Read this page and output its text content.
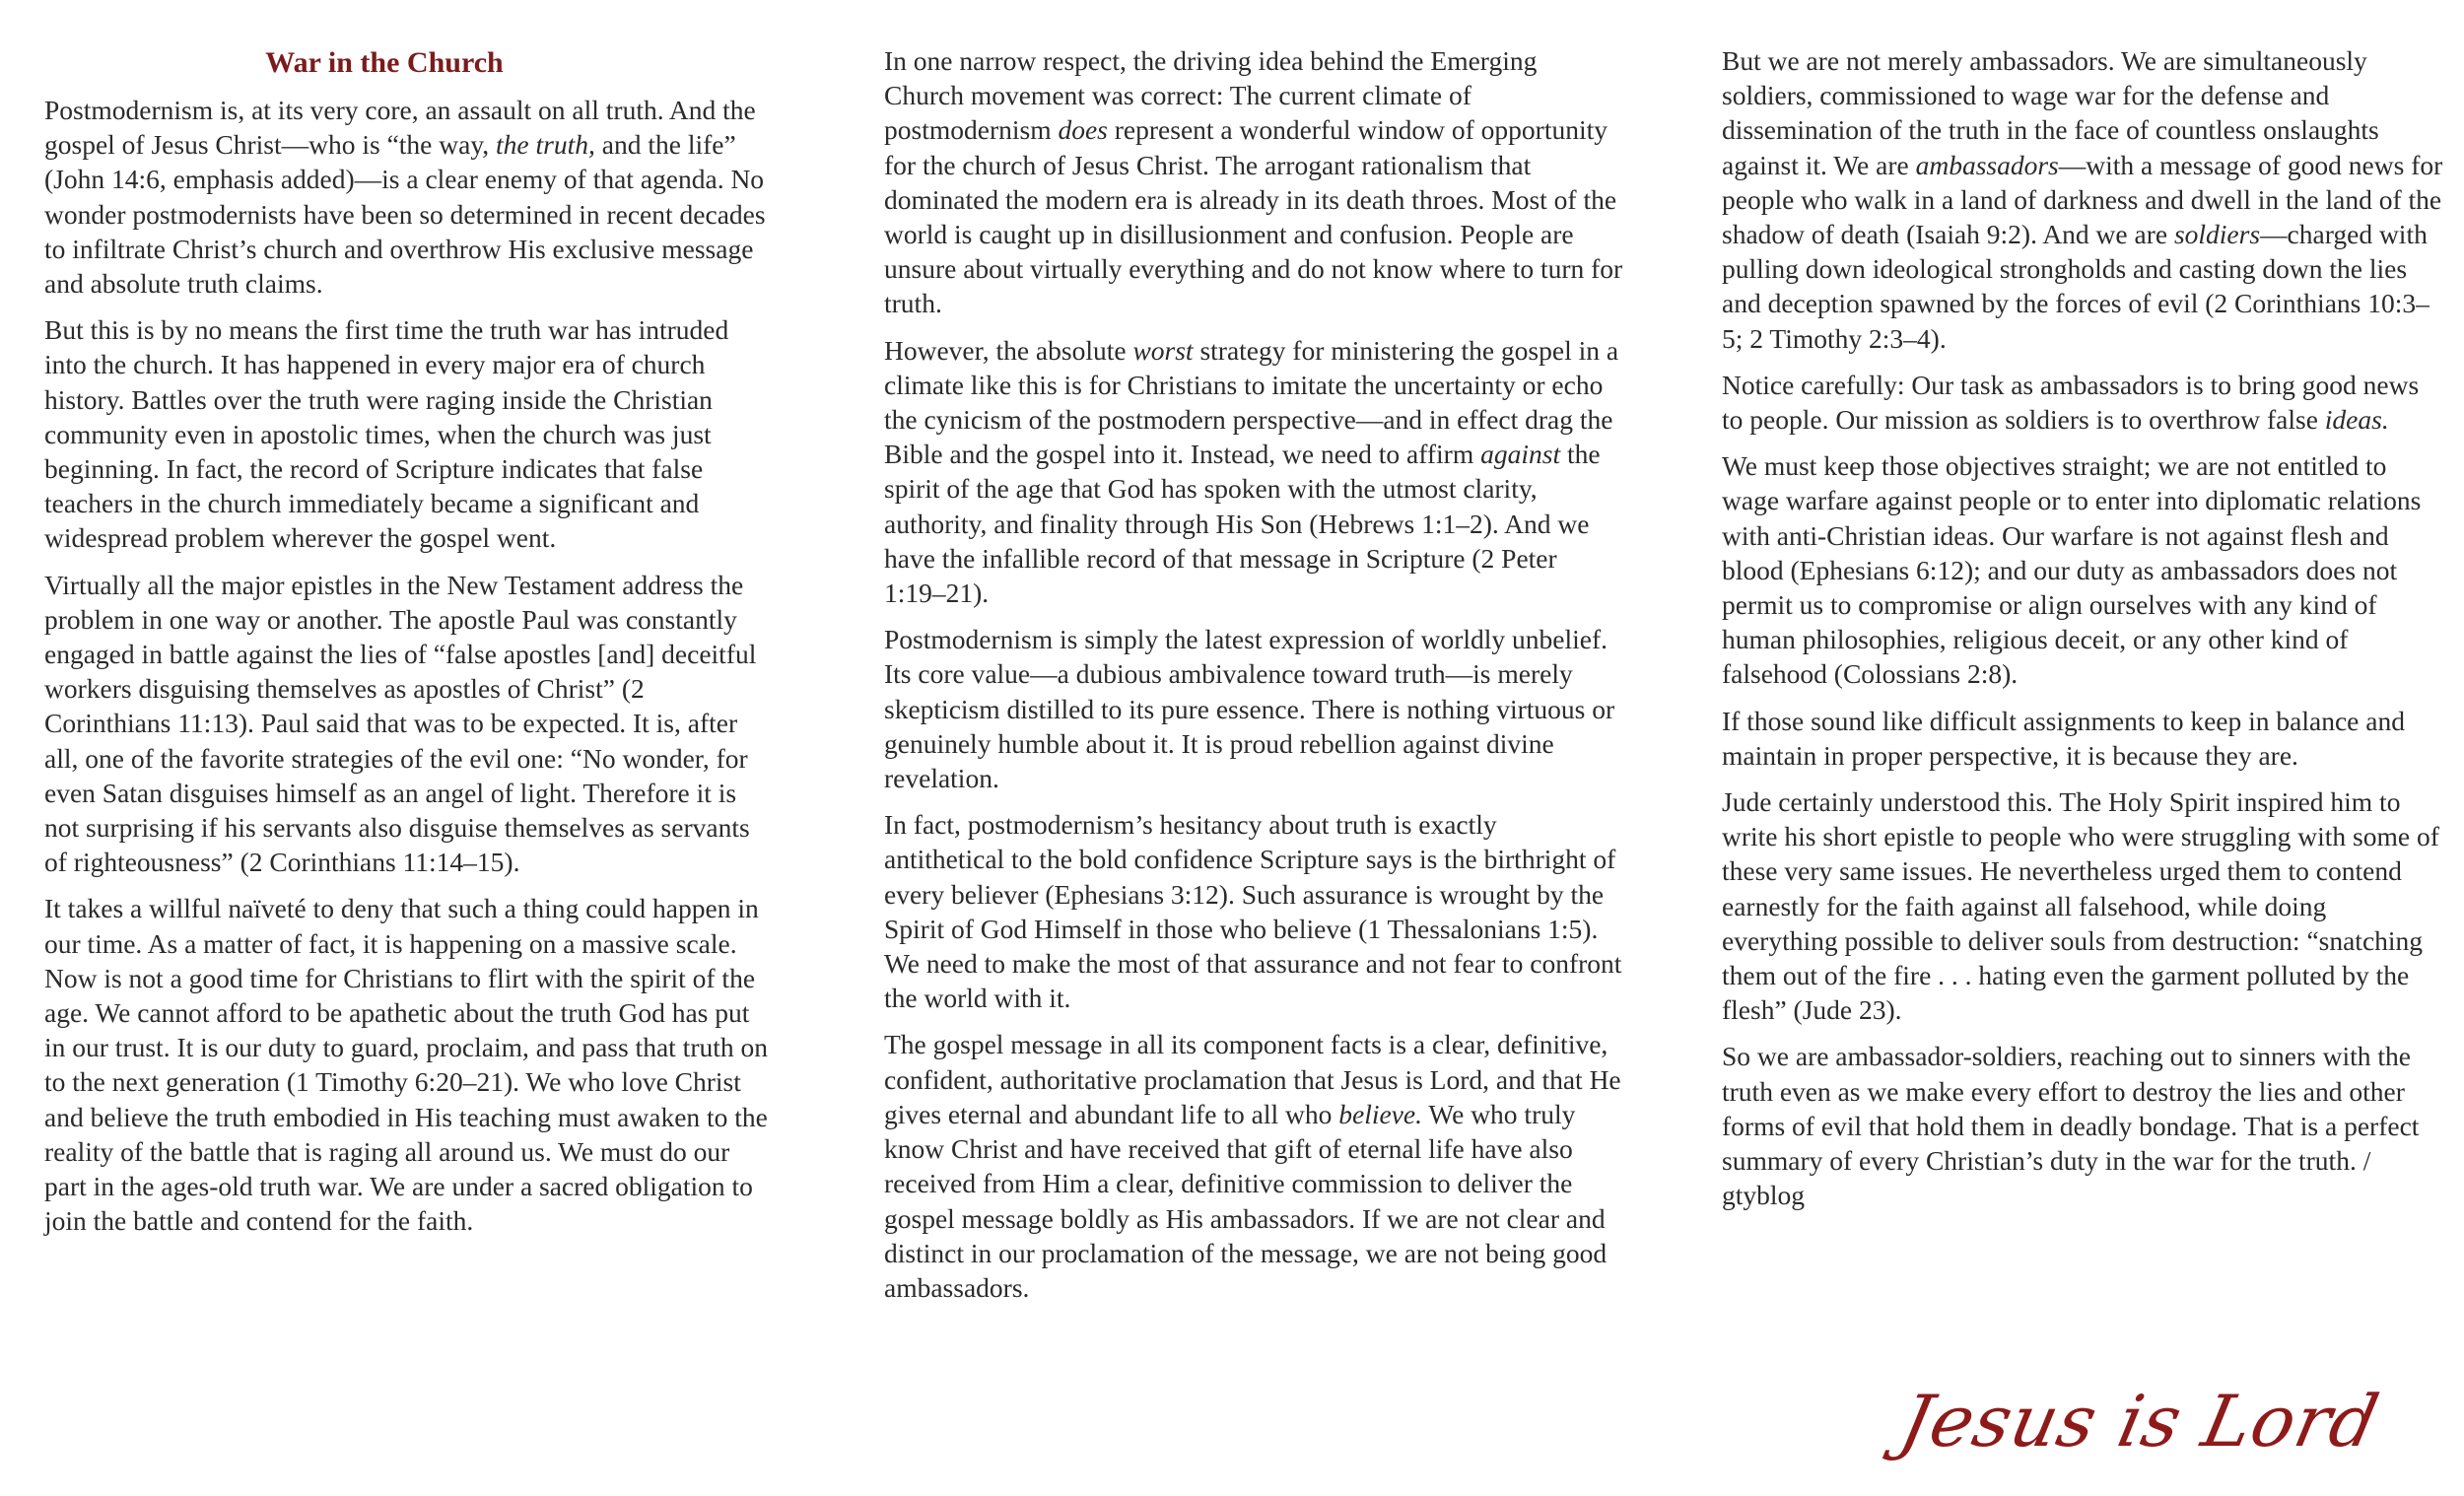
War in the Church

Postmodernism is, at its very core, an assault on all truth. And the gospel of Jesus Christ—who is “the way, the truth, and the life” (John 14:6, emphasis added)—is a clear enemy of that agenda. No wonder postmodernists have been so determined in recent decades to infiltrate Christ’s church and overthrow His exclusive message and absolute truth claims.

But this is by no means the first time the truth war has intruded into the church. It has happened in every major era of church history. Battles over the truth were raging inside the Christian community even in apostolic times, when the church was just beginning. In fact, the record of Scripture indicates that false teachers in the church immediately became a significant and widespread problem wherever the gospel went.

Virtually all the major epistles in the New Testament address the problem in one way or another. The apostle Paul was constantly engaged in battle against the lies of “false apostles [and] deceitful workers disguising themselves as apostles of Christ” (2 Corinthians 11:13). Paul said that was to be expected. It is, after all, one of the favorite strategies of the evil one: “No wonder, for even Satan disguises himself as an angel of light. Therefore it is not surprising if his servants also disguise themselves as servants of righteousness” (2 Corinthians 11:14–15).

It takes a willful naïveté to deny that such a thing could happen in our time. As a matter of fact, it is happening on a massive scale. Now is not a good time for Christians to flirt with the spirit of the age. We cannot afford to be apathetic about the truth God has put in our trust. It is our duty to guard, proclaim, and pass that truth on to the next generation (1 Timothy 6:20–21). We who love Christ and believe the truth embodied in His teaching must awaken to the reality of the battle that is raging all around us. We must do our part in the ages-old truth war. We are under a sacred obligation to join the battle and contend for the faith.

In one narrow respect, the driving idea behind the Emerging Church movement was correct: The current climate of postmodernism does represent a wonderful window of opportunity for the church of Jesus Christ. The arrogant rationalism that dominated the modern era is already in its death throes. Most of the world is caught up in disillusionment and confusion. People are unsure about virtually everything and do not know where to turn for truth.

However, the absolute worst strategy for ministering the gospel in a climate like this is for Christians to imitate the uncertainty or echo the cynicism of the postmodern perspective—and in effect drag the Bible and the gospel into it. Instead, we need to affirm against the spirit of the age that God has spoken with the utmost clarity, authority, and finality through His Son (Hebrews 1:1–2). And we have the infallible record of that message in Scripture (2 Peter 1:19–21).

Postmodernism is simply the latest expression of worldly unbelief. Its core value—a dubious ambivalence toward truth—is merely skepticism distilled to its pure essence. There is nothing virtuous or genuinely humble about it. It is proud rebellion against divine revelation.

In fact, postmodernism’s hesitancy about truth is exactly antithetical to the bold confidence Scripture says is the birthright of every believer (Ephesians 3:12). Such assurance is wrought by the Spirit of God Himself in those who believe (1 Thessalonians 1:5). We need to make the most of that assurance and not fear to confront the world with it.

The gospel message in all its component facts is a clear, definitive, confident, authoritative proclamation that Jesus is Lord, and that He gives eternal and abundant life to all who believe. We who truly know Christ and have received that gift of eternal life have also received from Him a clear, definitive commission to deliver the gospel message boldly as His ambassadors. If we are not clear and distinct in our proclamation of the message, we are not being good ambassadors.

But we are not merely ambassadors. We are simultaneously soldiers, commissioned to wage war for the defense and dissemination of the truth in the face of countless onslaughts against it. We are ambassadors—with a message of good news for people who walk in a land of darkness and dwell in the land of the shadow of death (Isaiah 9:2). And we are soldiers—charged with pulling down ideological strongholds and casting down the lies and deception spawned by the forces of evil (2 Corinthians 10:3–5; 2 Timothy 2:3–4).

Notice carefully: Our task as ambassadors is to bring good news to people. Our mission as soldiers is to overthrow false ideas.

We must keep those objectives straight; we are not entitled to wage warfare against people or to enter into diplomatic relations with anti-Christian ideas. Our warfare is not against flesh and blood (Ephesians 6:12); and our duty as ambassadors does not permit us to compromise or align ourselves with any kind of human philosophies, religious deceit, or any other kind of falsehood (Colossians 2:8).

If those sound like difficult assignments to keep in balance and maintain in proper perspective, it is because they are.

Jude certainly understood this. The Holy Spirit inspired him to write his short epistle to people who were struggling with some of these very same issues. He nevertheless urged them to contend earnestly for the faith against all falsehood, while doing everything possible to deliver souls from destruction: “snatching them out of the fire . . . hating even the garment polluted by the flesh” (Jude 23).

So we are ambassador-soldiers, reaching out to sinners with the truth even as we make every effort to destroy the lies and other forms of evil that hold them in deadly bondage. That is a perfect summary of every Christian’s duty in the war for the truth. / gtyblog

Jesus is Lord
